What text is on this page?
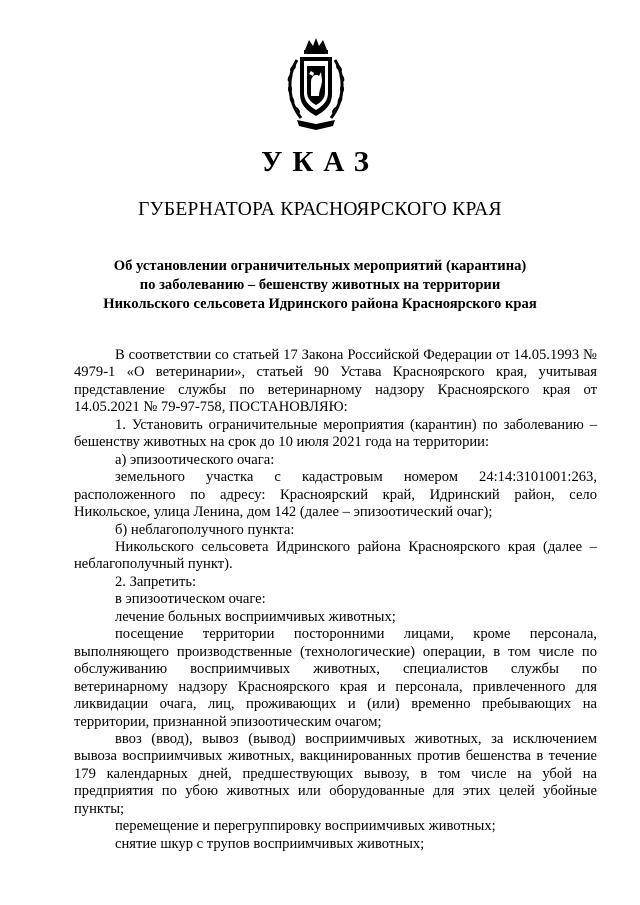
УКАЗ
ГУБЕРНАТОРА КРАСНОЯРСКОГО КРАЯ
Об установлении ограничительных мероприятий (карантина)
по заболеванию – бешенству животных на территории
Никольского сельсовета Идринского района Красноярского края

В соответствии со статьей 17 Закона Российской Федерации от 14.05.1993 № 4979-1 «О ветеринарии», статьей 90 Устава Красноярского края, учитывая представление службы по ветеринарному надзору Красноярского края от 14.05.2021 № 79-97-758, ПОСТАНОВЛЯЮ:

1. Установить ограничительные мероприятия (карантин) по заболеванию – бешенству животных на срок до 10 июля 2021 года на территории:

а) эпизоотического очага:

земельного участка с кадастровым номером 24:14:3101001:263, расположенного по адресу: Красноярский край, Идринский район, село Никольское, улица Ленина, дом 142 (далее – эпизоотический очаг);

б) неблагополучного пункта:

Никольского сельсовета Идринского района Красноярского края (далее – неблагополучный пункт).

2. Запретить:

в эпизоотическом очаге:

лечение больных восприимчивых животных;

посещение территории посторонними лицами, кроме персонала, выполняющего производственные (технологические) операции, в том числе по обслуживанию восприимчивых животных, специалистов службы по ветеринарному надзору Красноярского края и персонала, привлеченного для ликвидации очага, лиц, проживающих и (или) временно пребывающих на территории, признанной эпизоотическим очагом;

ввоз (ввод), вывоз (вывод) восприимчивых животных, за исключением вывоза восприимчивых животных, вакцинированных против бешенства в течение 179 календарных дней, предшествующих вывозу, в том числе на убой на предприятия по убою животных или оборудованные для этих целей убойные пункты;

перемещение и перегруппировку восприимчивых животных;

снятие шкур с трупов восприимчивых животных;
